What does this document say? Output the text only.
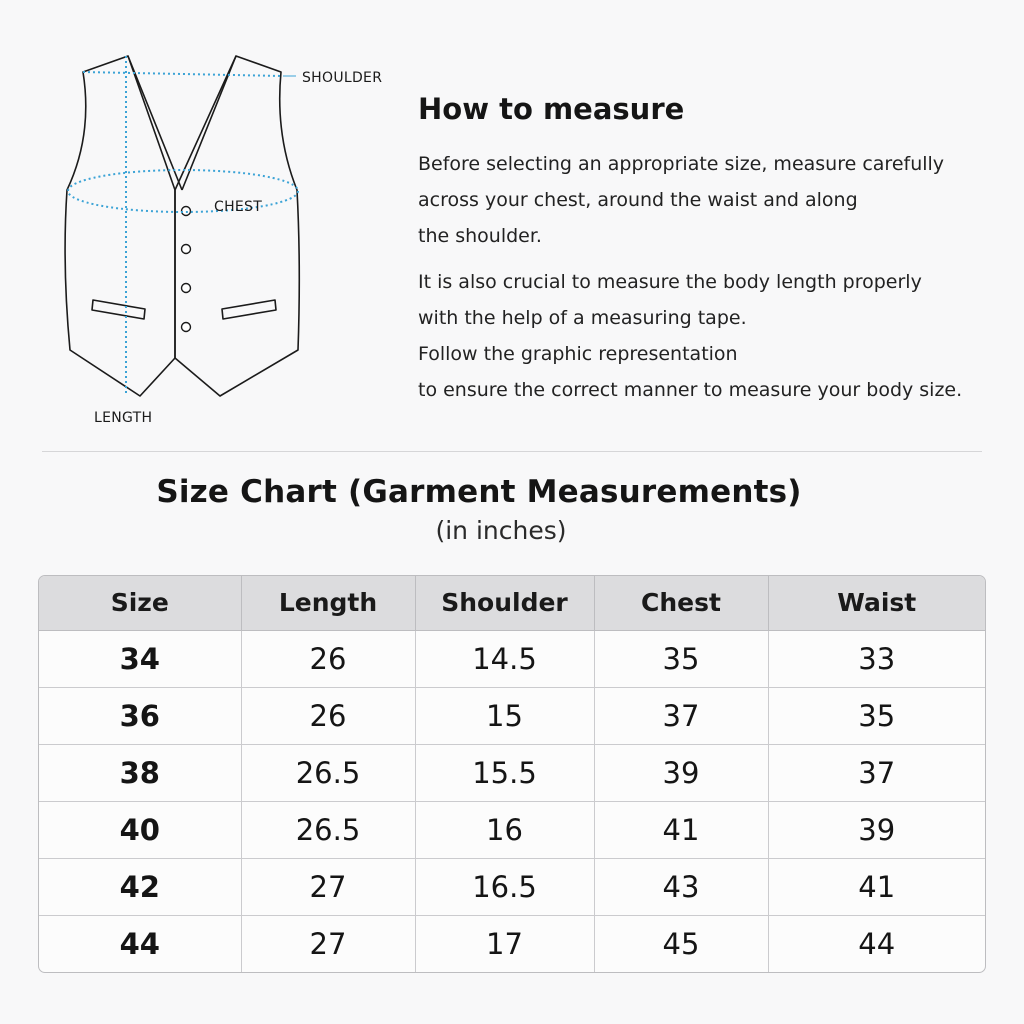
SHOULDER
CHEST
LENGTH
How to measure
Before selecting an appropriate size, measure carefully
across your chest, around the waist and along
the shoulder.
It is also crucial to measure the body length properly
with the help of a measuring tape.
Follow the graphic representation
to ensure the correct manner to measure your body size.
Size Chart (Garment Measurements)
(in inches)
Size	Length	Shoulder	Chest	Waist
34	26	14.5	35	33
36	26	15	37	35
38	26.5	15.5	39	37
40	26.5	16	41	39
42	27	16.5	43	41
44	27	17	45	44
